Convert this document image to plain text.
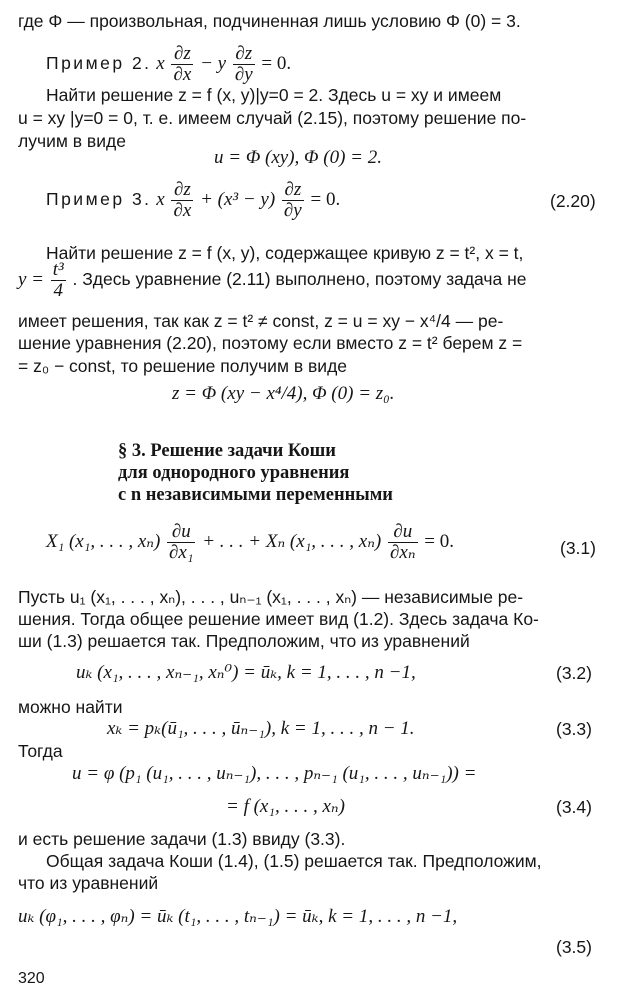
где Φ — произвольная, подчиненная лишь условию Φ (0) = 3.
Пример 2. x $\frac{\partial z}{\partial x} - y \frac{\partial z}{\partial y} = 0$.
Найти решение z = f (x, y)|y=0 = 2. Здесь u = xy и имеем
u = xy |y=0 = 0, т. е. имеем случай (2.15), поэтому решение по-
лучим в виде
u = Φ (xy), Φ (0) = 2.
Пример 3. x $\frac{\partial z}{\partial x} + (x^3 - y) \frac{\partial z}{\partial y} = 0$.	(2.20)
Найти решение z = f (x, y), содержащее кривую z = t², x = t,
$y = \frac{\text{t³}}{4}$ . Здесь уравнение (2.11) выполнено, поэтому задача не
имеет решения, так как z = t² ≠ const, z = u = xy − x⁴/4 — ре-
шение уравнения (2.20), поэтому если вместо z = t² берем z =
= z₀ − const, то решение получим в виде
z = Φ (xy − x⁴/4), Φ (0) = z₀.
§ 3. Решение задачи Коши
для однородного уравнения
с n независимыми переменными
X₁ (x₁, . . . , $x_n) \frac{\partial u}{\text{∂x₁}}$ + . . . + Xₙ (x₁, . . . , $x_n) \frac{\partial u}{\text{∂xₙ}} = 0$.	(3.1)
Пусть u₁ (x₁, . . . , xₙ), . . . , uₙ₋₁ (x₁, . . . , xₙ) — независимые ре-
шения. Тогда общее решение имеет вид (1.2). Здесь задача Ко-
ши (1.3) решается так. Предположим, что из уравнений
uₖ (x₁, . . . , xₙ₋₁, xₙ⁰) = ūₖ, k = 1, . . . , n −1,	(3.2)
можно найти
xₖ = pₖ(ū₁, . . . , ūₙ₋₁), k = 1, . . . , n − 1.	(3.3)
Тогда
u = φ (p₁ (u₁, . . . , uₙ₋₁), . . . , pₙ₋₁ (u₁, . . . , uₙ₋₁)) =
= f (x₁, . . . , xₙ)	(3.4)
и есть решение задачи (1.3) ввиду (3.3).
Общая задача Коши (1.4), (1.5) решается так. Предположим,
что из уравнений
uₖ (φ₁, . . . , φₙ) = ūₖ (t₁, . . . , tₙ₋₁) = ūₖ, k = 1, . . . , n −1,
(3.5)
320
